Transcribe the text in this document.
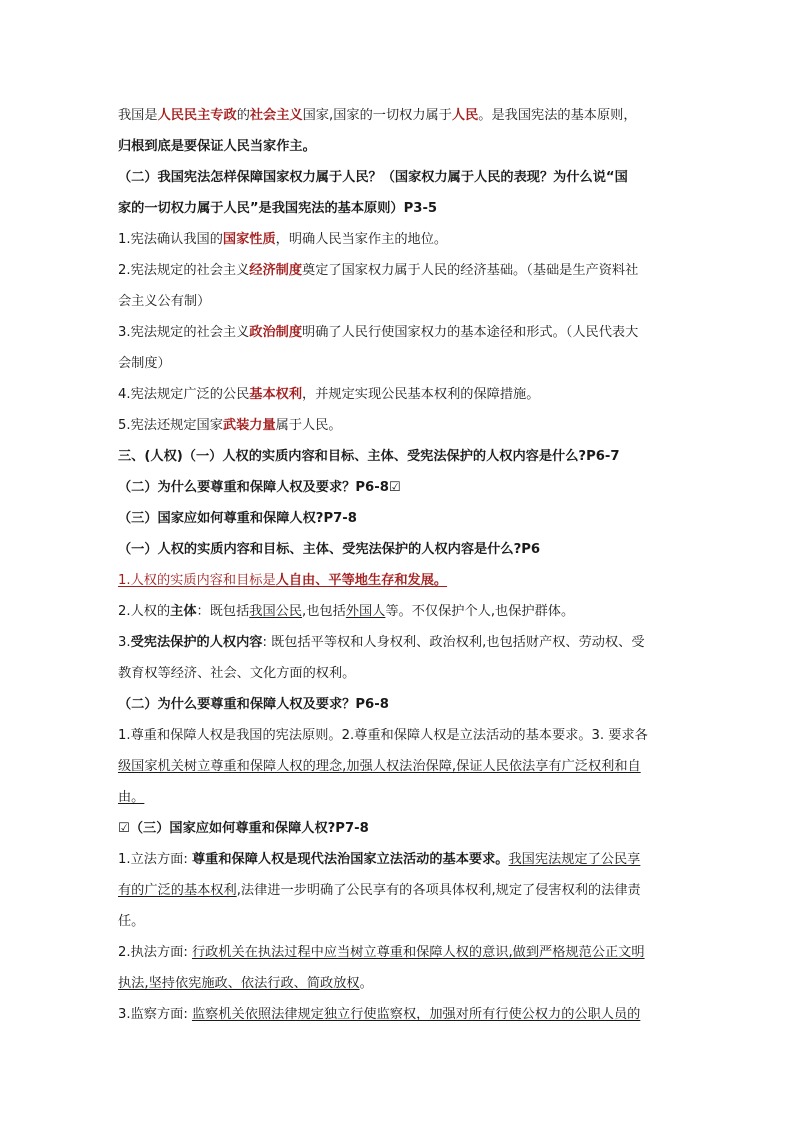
我国是人民民主专政的社会主义国家,国家的一切权力属于人民。是我国宪法的基本原则，
归根到底是要保证人民当家作主。
（二）我国宪法怎样保障国家权力属于人民？（国家权力属于人民的表现？为什么说“国
家的一切权力属于人民”是我国宪法的基本原则）P3-5
1.宪法确认我国的国家性质，明确人民当家作主的地位。
2.宪法规定的社会主义经济制度奠定了国家权力属于人民的经济基础。（基础是生产资料社
会主义公有制）
3.宪法规定的社会主义政治制度明确了人民行使国家权力的基本途径和形式。（人民代表大
会制度）
4.宪法规定广泛的公民基本权利，并规定实现公民基本权利的保障措施。
5.宪法还规定国家武装力量属于人民。
三、(人权)（一）人权的实质内容和目标、主体、受宪法保护的人权内容是什么?P6-7
（二）为什么要尊重和保障人权及要求？P6-8☑
（三）国家应如何尊重和保障人权?P7-8
（一）人权的实质内容和目标、主体、受宪法保护的人权内容是什么?P6
1.人权的实质内容和目标是人自由、平等地生存和发展。
2.人权的主体：既包括我国公民,也包括外国人等。不仅保护个人,也保护群体。
3.受宪法保护的人权内容: 既包括平等权和人身权利、政治权利,也包括财产权、劳动权、受
教育权等经济、社会、文化方面的权利。
（二）为什么要尊重和保障人权及要求？P6-8
1.尊重和保障人权是我国的宪法原则。2.尊重和保障人权是立法活动的基本要求。3. 要求各
级国家机关树立尊重和保障人权的理念,加强人权法治保障,保证人民依法享有广泛权利和自
由。
☑（三）国家应如何尊重和保障人权?P7-8
1.立法方面: 尊重和保障人权是现代法治国家立法活动的基本要求。我国宪法规定了公民享
有的广泛的基本权利,法律进一步明确了公民享有的各项具体权利,规定了侵害权利的法律责
任。
2.执法方面: 行政机关在执法过程中应当树立尊重和保障人权的意识,做到严格规范公正文明
执法,坚持依宪施政、依法行政、简政放权。
3.监察方面: 监察机关依照法律规定独立行使监察权，加强对所有行使公权力的公职人员的
